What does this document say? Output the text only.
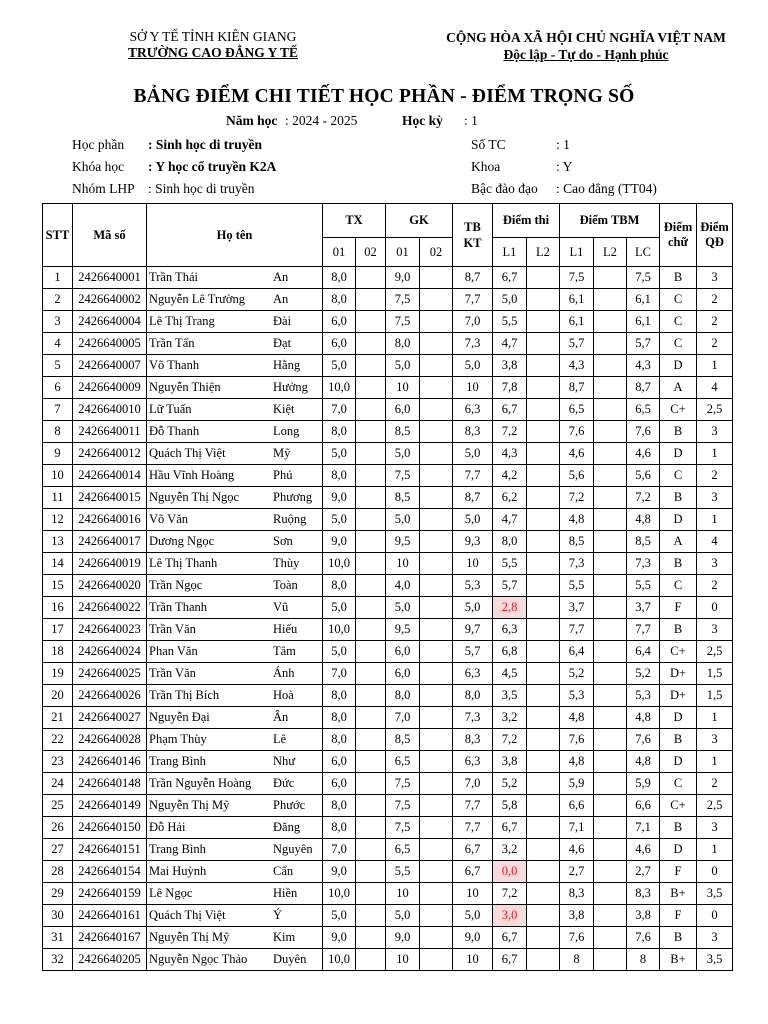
SỞ Y TẾ TỈNH KIÊN GIANG
TRƯỜNG CAO ĐẲNG Y TẾ
CỘNG HÒA XÃ HỘI CHỦ NGHĨA VIỆT NAM
Độc lập - Tự do - Hạnh phúc
BẢNG ĐIỂM CHI TIẾT HỌC PHẦN - ĐIỂM TRỌNG SỐ
Năm học : 2024 - 2025	Học kỳ : 1
Học phần : Sinh học di truyền
Khóa học : Y học cổ truyền K2A
Nhóm LHP : Sinh học di truyền
Số TC	: 1
Khoa	: Y
Bậc đào đạo : Cao đẳng (TT04)
STT	Mã số	Họ tên	TX		GK		TB KT	Điểm thi		Điểm TBM			Điểm chữ	Điểm QĐ
			01	02	01	02		L1	L2	L1	L2	LC		
1	2426640001	Trần Thái An	8,0		9,0		8,7	6,7		7,5		7,5	B	3
2	2426640002	Nguyễn Lê Trường An	8,0		7,5		7,7	5,0		6,1		6,1	C	2
3	2426640004	Lê Thị Trang Đài	6,0		7,5		7,0	5,5		6,1		6,1	C	2
4	2426640005	Trần Tấn Đạt	6,0		8,0		7,3	4,7		5,7		5,7	C	2
5	2426640007	Võ Thanh Hằng	5,0		5,0		5,0	3,8		4,3		4,3	D	1
6	2426640009	Nguyễn Thiện Hưởng	10,0		10		10	7,8		8,7		8,7	A	4
7	2426640010	Lữ Tuấn Kiệt	7,0		6,0		6,3	6,7		6,5		6,5	C+	2,5
8	2426640011	Đỗ Thanh Long	8,0		8,5		8,3	7,2		7,6		7,6	B	3
9	2426640012	Quách Thị Việt Mỹ	5,0		5,0		5,0	4,3		4,6		4,6	D	1
10	2426640014	Hầu Vĩnh Hoàng Phú	8,0		7,5		7,7	4,2		5,6		5,6	C	2
11	2426640015	Nguyễn Thị Ngọc Phương	9,0		8,5		8,7	6,2		7,2		7,2	B	3
12	2426640016	Võ Văn Ruộng	5,0		5,0		5,0	4,7		4,8		4,8	D	1
13	2426640017	Dương Ngọc Sơn	9,0		9,5		9,3	8,0		8,5		8,5	A	4
14	2426640019	Lê Thị Thanh Thùy	10,0		10		10	5,5		7,3		7,3	B	3
15	2426640020	Trần Ngọc Toàn	8,0		4,0		5,3	5,7		5,5		5,5	C	2
16	2426640022	Trần Thanh Vũ	5,0		5,0		5,0	2,8		3,7		3,7	F	0
17	2426640023	Trần Văn Hiếu	10,0		9,5		9,7	6,3		7,7		7,7	B	3
18	2426640024	Phan Văn Tâm	5,0		6,0		5,7	6,8		6,4		6,4	C+	2,5
19	2426640025	Trần Văn Ánh	7,0		6,0		6,3	4,5		5,2		5,2	D+	1,5
20	2426640026	Trần Thị Bích Hoà	8,0		8,0		8,0	3,5		5,3		5,3	D+	1,5
21	2426640027	Nguyễn Đại Ân	8,0		7,0		7,3	3,2		4,8		4,8	D	1
22	2426640028	Phạm Thùy Lê	8,0		8,5		8,3	7,2		7,6		7,6	B	3
23	2426640146	Trang Bình Như	6,0		6,5		6,3	3,8		4,8		4,8	D	1
24	2426640148	Trần Nguyễn Hoàng Đức	6,0		7,5		7,0	5,2		5,9		5,9	C	2
25	2426640149	Nguyễn Thị Mỹ Phước	8,0		7,5		7,7	5,8		6,6		6,6	C+	2,5
26	2426640150	Đỗ Hải Đăng	8,0		7,5		7,7	6,7		7,1		7,1	B	3
27	2426640151	Trang Bình Nguyên	7,0		6,5		6,7	3,2		4,6		4,6	D	1
28	2426640154	Mai Huỳnh Cẩn	9,0		5,5		6,7	0,0		2,7		2,7	F	0
29	2426640159	Lê Ngọc Hiền	10,0		10		10	7,2		8,3		8,3	B+	3,5
30	2426640161	Quách Thị Việt Ý	5,0		5,0		5,0	3,0		3,8		3,8	F	0
31	2426640167	Nguyễn Thị Mỹ Kim	9,0		9,0		9,0	6,7		7,6		7,6	B	3
32	2426640205	Nguyễn Ngọc Thảo Duyên	10,0		10		10	6,7		8		8	B+	3,5
